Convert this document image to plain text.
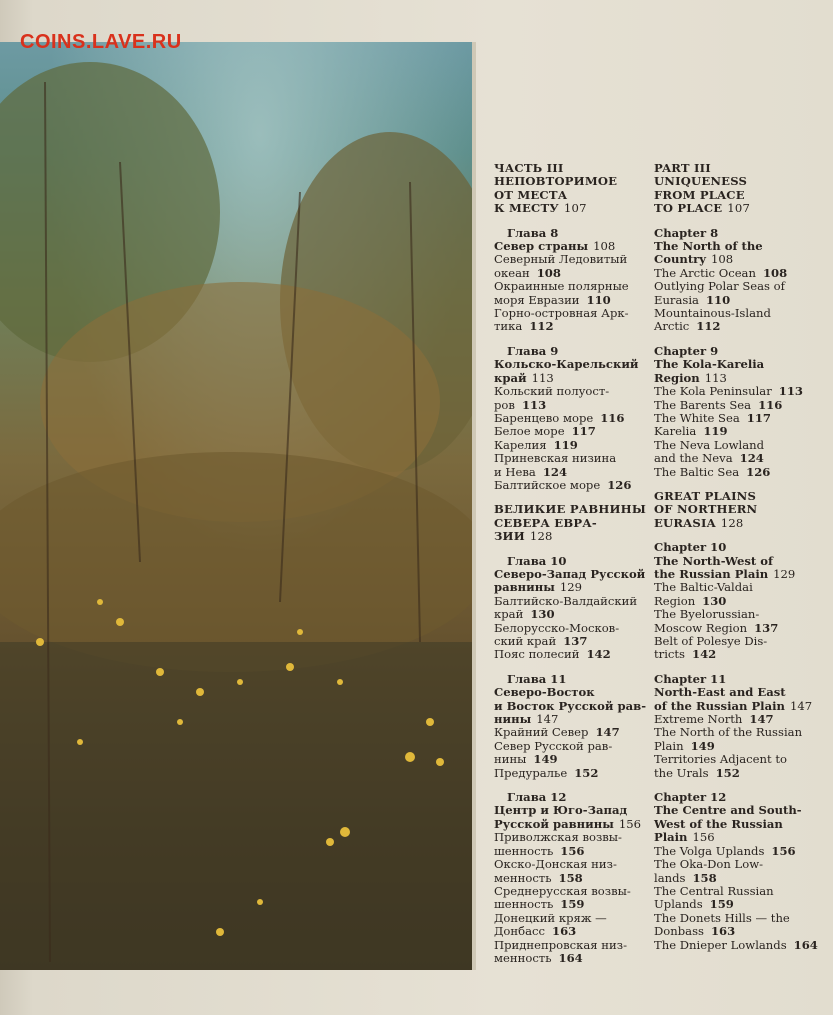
COINS.LAVE.RU
ЧАСТЬ III
НЕПОВТОРИМОЕ
ОТ МЕСТА
К МЕСТУ 107
Глава 8
Север страны 108
Северный Ледовитый
океан 108
Окраинные полярные
моря Евразии 110
Горно-островная Арк-
тика 112
Глава 9
Кольско-Карельский
край 113
Кольский полуост-
ров 113
Баренцево море 116
Белое море 117
Карелия 119
Приневская низина
и Нева 124
Балтийское море 126
ВЕЛИКИЕ РАВНИНЫ
СЕВЕРА ЕВРА-
ЗИИ 128
Глава 10
Северо-Запад Русской
равнины 129
Балтийско-Валдайский
край 130
Белорусско-Москов-
ский край 137
Пояс полесий 142
Глава 11
Северо-Восток
и Восток Русской рав-
нины 147
Крайний Север 147
Север Русской рав-
нины 149
Предуралье 152
Глава 12
Центр и Юго-Запад
Русской равнины 156
Приволжская возвы-
шенность 156
Окско-Донская низ-
менность 158
Среднерусская возвы-
шенность 159
Донецкий кряж —
Донбасс 163
Приднепровская низ-
менность 164
PART III
UNIQUENESS
FROM PLACE
TO PLACE 107
Chapter 8
The North of the
Country 108
The Arctic Ocean 108
Outlying Polar Seas of
Eurasia 110
Mountainous-Island
Arctic 112
Chapter 9
The Kola-Karelia
Region 113
The Kola Peninsular 113
The Barents Sea 116
The White Sea 117
Karelia 119
The Neva Lowland
and the Neva 124
The Baltic Sea 126
GREAT PLAINS
OF NORTHERN
EURASIA 128
Chapter 10
The North-West of
the Russian Plain 129
The Baltic-Valdai
Region 130
The Byelorussian-
Moscow Region 137
Belt of Polesye Dis-
tricts 142
Chapter 11
North-East and East
of the Russian Plain 147
Extreme North 147
The North of the Russian
Plain 149
Territories Adjacent to
the Urals 152
Chapter 12
The Centre and South-
West of the Russian
Plain 156
The Volga Uplands 156
The Oka-Don Low-
lands 158
The Central Russian
Uplands 159
The Donets Hills — the
Donbass 163
The Dnieper Lowlands 164
